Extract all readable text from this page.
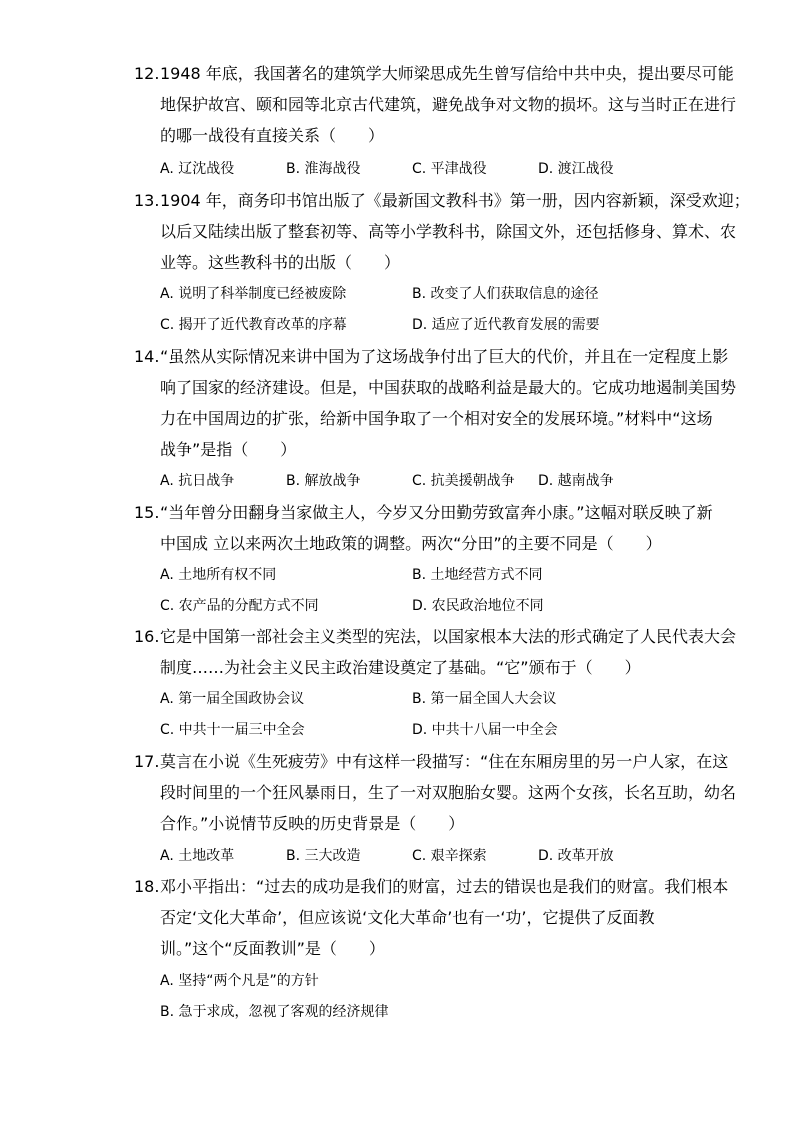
12. 1948 年底，我国著名的建筑学大师梁思成先生曾写信给中共中央，提出要尽可能
地保护故宫、颐和园等北京古代建筑，避免战争对文物的损坏。这与当时正在进行
的哪一战役有直接关系（　　）
A. 辽沈战役	B. 淮海战役	C. 平津战役	D. 渡江战役
13. 1904 年，商务印书馆出版了《最新国文教科书》第一册，因内容新颖，深受欢迎；
以后又陆续出版了整套初等、高等小学教科书，除国文外，还包括修身、算术、农
业等。这些教科书的出版（　　）
A. 说明了科举制度已经被废除	B. 改变了人们获取信息的途径
C. 揭开了近代教育改革的序幕	D. 适应了近代教育发展的需要
14. “虽然从实际情况来讲中国为了这场战争付出了巨大的代价，并且在一定程度上影
响了国家的经济建设。但是，中国获取的战略利益是最大的。它成功地遏制美国势
力在中国周边的扩张，给新中国争取了一个相对安全的发展环境。”材料中“这场
战争”是指（　　）
A. 抗日战争	B. 解放战争	C. 抗美援朝战争 D. 越南战争
15. “当年曾分田翻身当家做主人，今岁又分田勤劳致富奔小康。”这幅对联反映了新
中国成 立以来两次土地政策的调整。两次“分田”的主要不同是（　　）
A. 土地所有权不同	B. 土地经营方式不同
C. 农产品的分配方式不同	D. 农民政治地位不同
16. 它是中国第一部社会主义类型的宪法，以国家根本大法的形式确定了人民代表大会
制度……为社会主义民主政治建设奠定了基础。“它”颁布于（　　）
A. 第一届全国政协会议	B. 第一届全国人大会议
C. 中共十一届三中全会	D. 中共十八届一中全会
17. 莫言在小说《生死疲劳》中有这样一段描写：“住在东厢房里的另一户人家，在这
段时间里的一个狂风暴雨日，生了一对双胞胎女婴。这两个女孩，长名互助，幼名
合作。”小说情节反映的历史背景是（　　）
A. 土地改革	B. 三大改造	C. 艰辛探索	D. 改革开放
18. 邓小平指出：“过去的成功是我们的财富，过去的错误也是我们的财富。我们根本
否定‘文化大革命’，但应该说‘文化大革命’也有一‘功’，它提供了反面教
训。”这个“反面教训”是（　　）
A. 坚持“两个凡是”的方针
B. 急于求成，忽视了客观的经济规律
